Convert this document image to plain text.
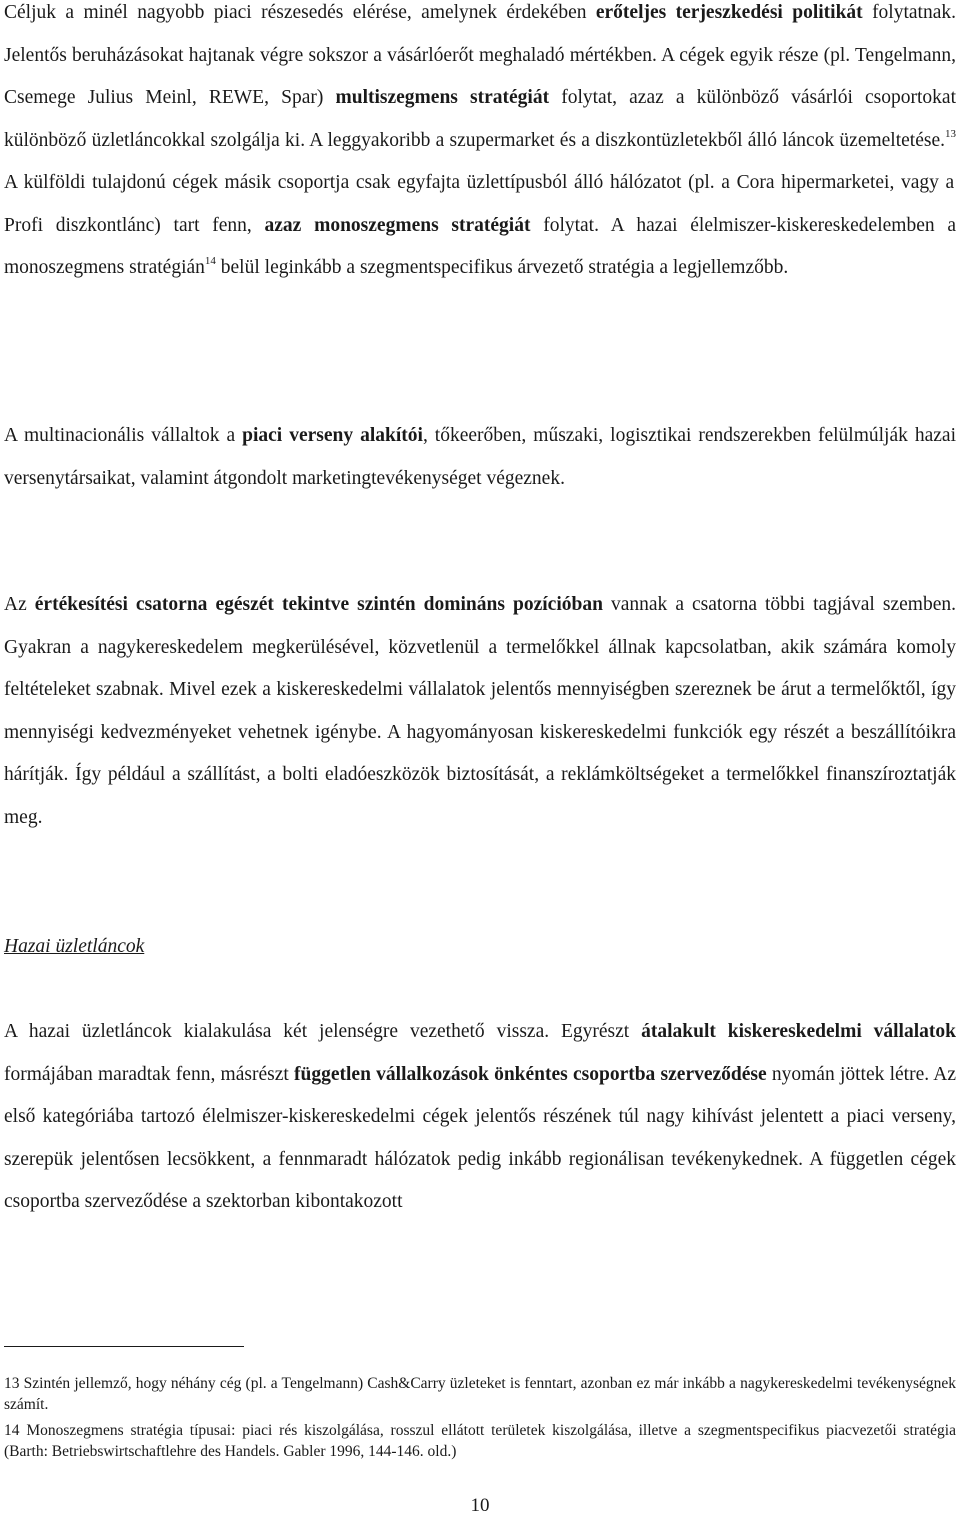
Céljuk a minél nagyobb piaci részesedés elérése, amelynek érdekében erőteljes terjeszkedési politikát folytatnak. Jelentős beruházásokat hajtanak végre sokszor a vásárlóerőt meghaladó mértékben. A cégek egyik része (pl. Tengelmann, Csemege Julius Meinl, REWE, Spar) multiszegmens stratégiát folytat, azaz a különböző vásárlói csoportokat különböző üzletláncokkal szolgálja ki. A leggyakoribb a szupermarket és a diszkontüzletekből álló láncok üzemeltetése.$^{13}$ A külföldi tulajdonú cégek másik csoportja csak egyfajta üzlettípusból álló hálózatot (pl. a Cora hipermarketei, vagy a Profi diszkontlánc) tart fenn, azaz monoszegmens stratégiát folytat. A hazai élelmiszer-kiskereskedelemben a monoszegmens stratégián$^{14}$ belül leginkább a szegmentspecifikus árvezető stratégia a legjellemzőbb.

A multinacionális vállaltok a piaci verseny alakítói, tőkeerőben, műszaki, logisztikai rendszerekben felülmúlják hazai versenytársaikat, valamint átgondolt marketingtevékenységet végeznek.

Az értékesítési csatorna egészét tekintve szintén domináns pozícióban vannak a csatorna többi tagjával szemben. Gyakran a nagykereskedelem megkerülésével, közvetlenül a termelőkkel állnak kapcsolatban, akik számára komoly feltételeket szabnak. Mivel ezek a kiskereskedelmi vállalatok jelentős mennyiségben szereznek be árut a termelőktől, így mennyiségi kedvezményeket vehetnek igénybe. A hagyományosan kiskereskedelmi funkciók egy részét a beszállítóikra hárítják. Így például a szállítást, a bolti eladóeszközök biztosítását, a reklámköltségeket a termelőkkel finanszíroztatják meg.

Hazai üzletláncok

A hazai üzletláncok kialakulása két jelenségre vezethető vissza. Egyrészt átalakult kiskereskedelmi vállalatok formájában maradtak fenn, másrészt független vállalkozások önkéntes csoportba szerveződése nyomán jöttek létre. Az első kategóriába tartozó élelmiszer-kiskereskedelmi cégek jelentős részének túl nagy kihívást jelentett a piaci verseny, szerepük jelentősen lecsökkent, a fennmaradt hálózatok pedig inkább regionálisan tevékenykednek. A független cégek csoportba szerveződése a szektorban kibontakozott

13 Szintén jellemző, hogy néhány cég (pl. a Tengelmann) Cash&Carry üzleteket is fenntart, azonban ez már inkább a nagykereskedelmi tevékenységnek számít.

14 Monoszegmens stratégia típusai: piaci rés kiszolgálása, rosszul ellátott területek kiszolgálása, illetve a szegmentspecifikus piacvezetői stratégia (Barth: Betriebswirtschaftlehre des Handels. Gabler 1996, 144-146. old.)

10
